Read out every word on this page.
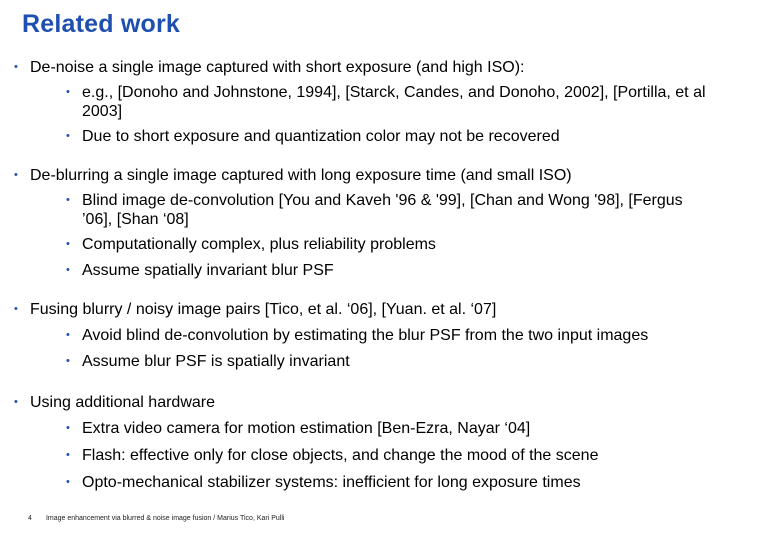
Related work
• De-noise a single image captured with short exposure (and high ISO):
• e.g., [Donoho and Johnstone, 1994], [Starck, Candes, and Donoho, 2002], [Portilla, et al
2003]
• Due to short exposure and quantization color may not be recovered
• De-blurring a single image captured with long exposure time (and small ISO)
• Blind image de-convolution [You and Kaveh '96 & '99], [Chan and Wong '98], [Fergus
’06], [Shan ‘08]
• Computationally complex, plus reliability problems
• Assume spatially invariant blur PSF
• Fusing blurry / noisy image pairs [Tico, et al. ‘06], [Yuan. et al. ‘07]
• Avoid blind de-convolution by estimating the blur PSF from the two input images
• Assume blur PSF is spatially invariant
• Using additional hardware
• Extra video camera for motion estimation [Ben-Ezra, Nayar ‘04]
• Flash: effective only for close objects, and change the mood of the scene
• Opto-mechanical stabilizer systems: inefficient for long exposure times
4 Image enhancement via blurred & noise image fusion / Marius Tico, Kari Pulli
